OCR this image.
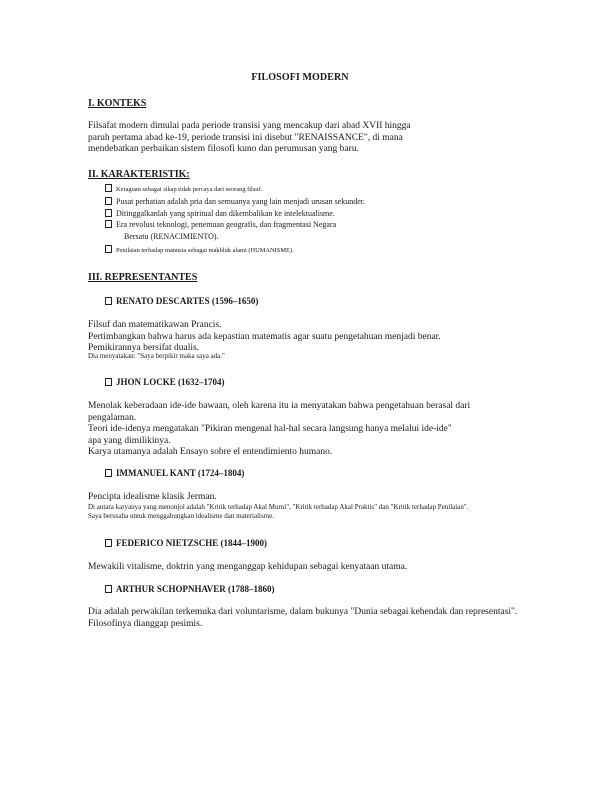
FILOSOFI MODERN
I. KONTEKS

Filsafat modern dimulai pada periode transisi yang mencakup dari abad XVII hingga

paruh pertama abad ke-19, periode transisi ini disebut "RENAISSANCE", di mana

mendebatkan perbaikan sistem filosofi kuno dan perumusan yang baru.

II. KARAKTERISTIK:
Keraguan sebagai sikap tidak percaya dari seorang filsuf.
Pusat perhatian adalah pria dan semuanya yang lain menjadi urusan sekunder.
Ditinggalkanlah yang spiritual dan dikembalikan ke intelektualisme.
Era revolusi teknologi, penemuan geografis, dan fragmentasi Negara
Bersatu (RENACIMIENTO).
Penilaian terhadap manusia sebagai makhluk alami (HUMANISME).
III. REPRESENTANTES
RENATO DESCARTES (1596–1650)

Filsuf dan matematikawan Prancis.

Pertimbangkan bahwa harus ada kepastian matematis agar suatu pengetahuan menjadi benar.

Pemikirannya bersifat dualis.

Dia menyatakan: "Saya berpikir maka saya ada."

JHON LOCKE (1632–1704)

Menolak keberadaan ide-ide bawaan, oleh karena itu ia menyatakan bahwa pengetahuan berasal dari

pengalaman.

Teori ide-idenya mengatakan "Pikiran mengenal hal-hal secara langsung hanya melalui ide-ide"

apa yang dimilikinya.

Karya utamanya adalah Ensayo sobre el entendimiento humano.

IMMANUEL KANT (1724–1804)

Pencipta idealisme klasik Jerman.

Di antara karyanya yang menonjol adalah "Kritik terhadap Akal Murni", "Kritik terhadap Akal Praktis" dan "Kritik terhadap Penilaian".

Saya berusaha untuk menggabungkan idealisme dan materialisme.

FEDERICO NIETZSCHE (1844–1900)

Mewakili vitalisme, doktrin yang menganggap kehidupan sebagai kenyataan utama.

ARTHUR SCHOPNHAVER (1788–1860)

Dia adalah perwakilan terkemuka dari voluntarisme, dalam bukunya "Dunia sebagai kehendak dan representasi".

Filosofinya dianggap pesimis.
